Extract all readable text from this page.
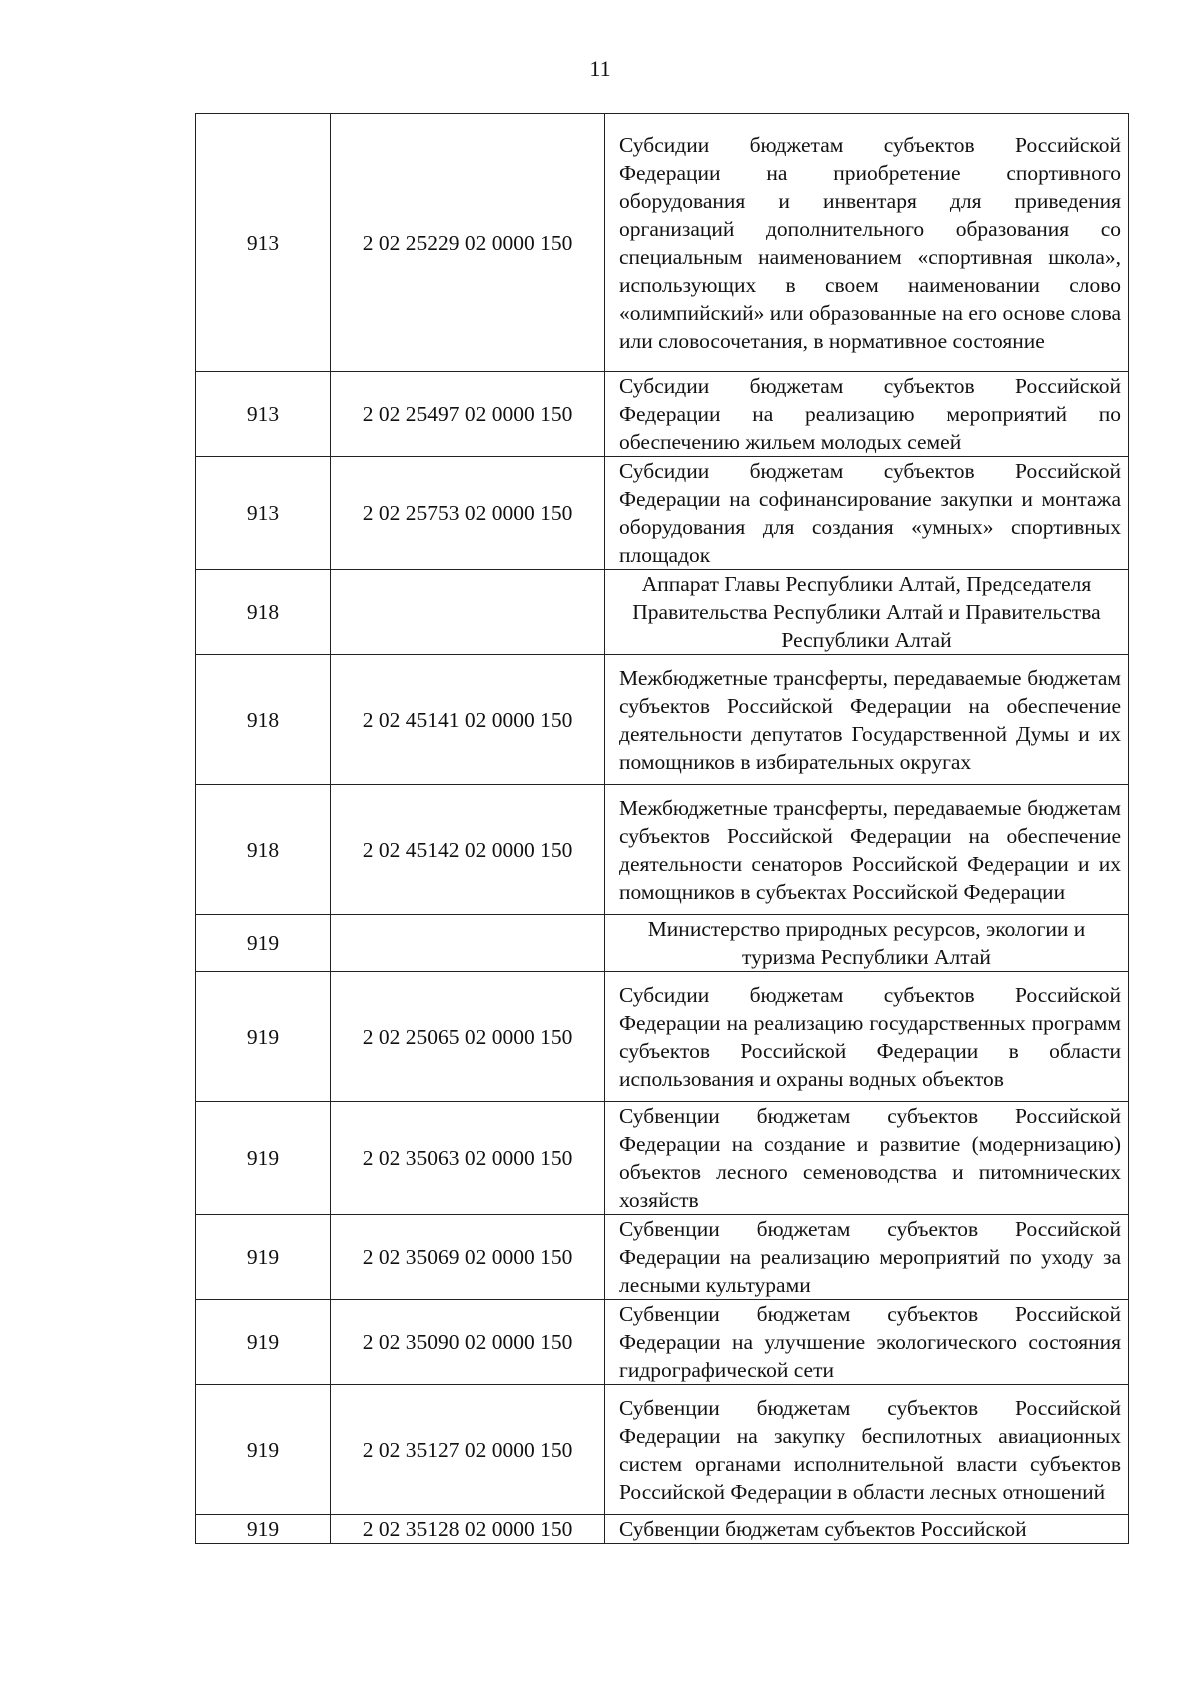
11
913	2 02 25229 02 0000 150	Субсидии бюджетам субъектов Российской Федерации на приобретение спортивного оборудования и инвентаря для приведения организаций дополнительного образования со специальным наименованием «спортивная школа», использующих в своем наименовании слово «олимпийский» или образованные на его основе слова или словосочетания, в нормативное состояние
913	2 02 25497 02 0000 150	Субсидии бюджетам субъектов Российской Федерации на реализацию мероприятий по обеспечению жильем молодых семей
913	2 02 25753 02 0000 150	Субсидии бюджетам субъектов Российской Федерации на софинансирование закупки и монтажа оборудования для создания «умных» спортивных площадок
918		Аппарат Главы Республики Алтай, Председателя Правительства Республики Алтай и Правительства Республики Алтай
918	2 02 45141 02 0000 150	Межбюджетные трансферты, передаваемые бюджетам субъектов Российской Федерации на обеспечение деятельности депутатов Государственной Думы и их помощников в избирательных округах
918	2 02 45142 02 0000 150	Межбюджетные трансферты, передаваемые бюджетам субъектов Российской Федерации на обеспечение деятельности сенаторов Российской Федерации и их помощников в субъектах Российской Федерации
919		Министерство природных ресурсов, экологии и туризма Республики Алтай
919	2 02 25065 02 0000 150	Субсидии бюджетам субъектов Российской Федерации на реализацию государственных программ субъектов Российской Федерации в области использования и охраны водных объектов
919	2 02 35063 02 0000 150	Субвенции бюджетам субъектов Российской Федерации на создание и развитие (модернизацию) объектов лесного семеноводства и питомнических хозяйств
919	2 02 35069 02 0000 150	Субвенции бюджетам субъектов Российской Федерации на реализацию мероприятий по уходу за лесными культурами
919	2 02 35090 02 0000 150	Субвенции бюджетам субъектов Российской Федерации на улучшение экологического состояния гидрографической сети
919	2 02 35127 02 0000 150	Субвенции бюджетам субъектов Российской Федерации на закупку беспилотных авиационных систем органами исполнительной власти субъектов Российской Федерации в области лесных отношений
919	2 02 35128 02 0000 150	Субвенции бюджетам субъектов Российской
